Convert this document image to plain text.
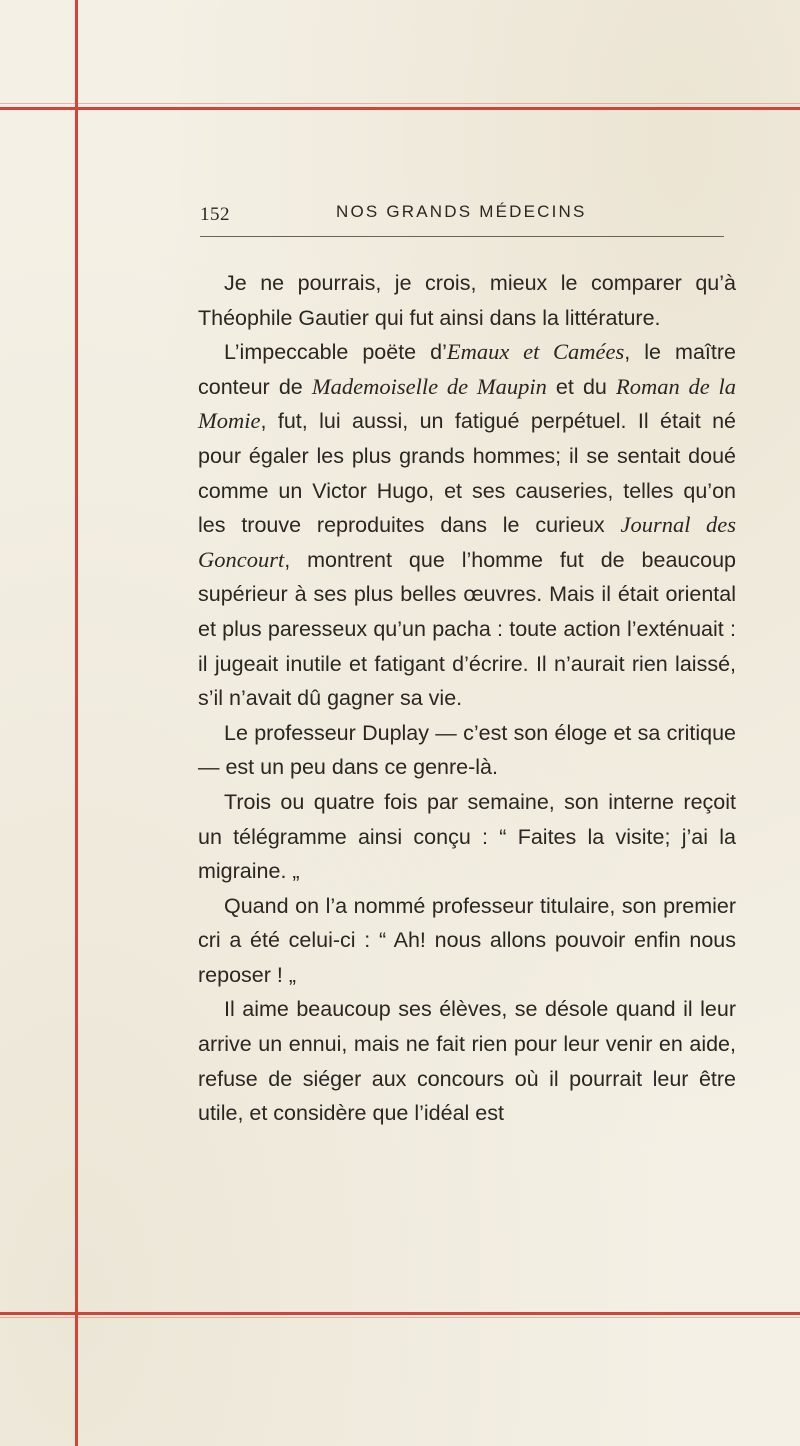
152	NOS GRANDS MÉDECINS

Je ne pourrais, je crois, mieux le comparer qu’à Théophile Gautier qui fut ainsi dans la littérature.

L’impeccable poëte d’Emaux et Camées, le maître conteur de Mademoiselle de Maupin et du Roman de la Momie, fut, lui aussi, un fatigué perpétuel. Il était né pour égaler les plus grands hommes; il se sentait doué comme un Victor Hugo, et ses causeries, telles qu’on les trouve reproduites dans le curieux Journal des Goncourt, montrent que l’homme fut de beaucoup supérieur à ses plus belles œuvres. Mais il était oriental et plus paresseux qu’un pacha : toute action l’exténuait : il jugeait inutile et fatigant d’écrire. Il n’aurait rien laissé, s’il n’avait dû gagner sa vie.

Le professeur Duplay — c’est son éloge et sa critique — est un peu dans ce genre-là.

Trois ou quatre fois par semaine, son interne reçoit un télégramme ainsi conçu : “ Faites la visite; j’ai la migraine. „

Quand on l’a nommé professeur titulaire, son premier cri a été celui-ci : “ Ah! nous allons pouvoir enfin nous reposer ! „

Il aime beaucoup ses élèves, se désole quand il leur arrive un ennui, mais ne fait rien pour leur venir en aide, refuse de siéger aux concours où il pourrait leur être utile, et considère que l’idéal est
